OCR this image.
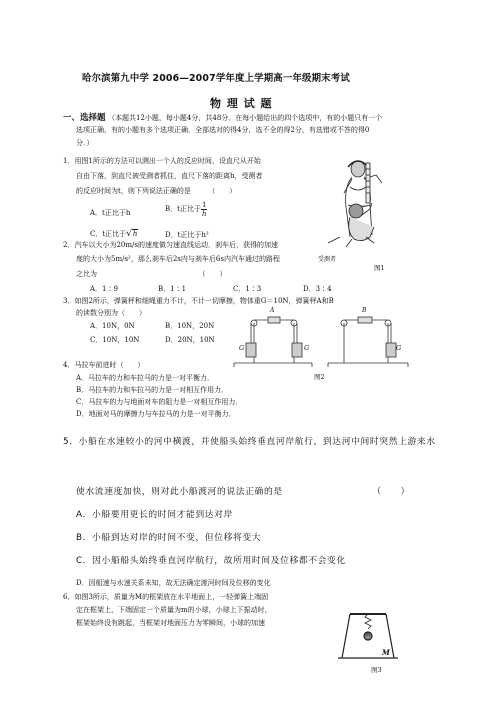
哈尔滨第九中学 2006—2007学年度上学期高一年级期末考试
物 理 试 题
一、选择题 （本题共12小题，每小题4分，共48分．在每小题给出的四个选项中，有的小题只有一个
选项正确，有的小题有多个选项正确．全部选对的得4分，选不全的得2分，有选错或不答的得0
分．）
1．用图1所示的方法可以测出一个人的反应时间，设直尺从开始
自由下落，到直尺被受测者抓住，直尺下落的距离h，受测者
的反应时间为t，则下列说法正确的是　　　（　　）
A．t正比于h	B．t正比于 $\frac{1}{h}$
C．t正比于√h	D．t正比于h²
受测者
图1
2．汽车以大小为20m/s的速度做匀速直线运动．刹车后，获得的加速
度的大小为5m/s²，那么刹车后2s内与刹车后6s内汽车通过的路程
之比为　　　　　　　　　　　　　　　（　　）
A．1∶9	B．1∶1	C．1∶3	D．3∶4
3．如图2所示，弹簧秤和细绳重力不计，不计一切摩擦，物体重G＝10N，弹簧秤A和B
的读数分别为（　　）
A．10N，0N	B．10N，20N
C．10N，10N	D．20N，10N
A	B
G	G	G
图2
4．马拉车前进时（　　）
A．马拉车的力和车拉马的力是一对平衡力．
B．马拉车的力和车拉马的力是一对相互作用力．
C．马拉车的力与地面对车的阻力是一对相互作用力．
D．地面对马的摩擦力与车拉马的力是一对平衡力．
5．小船在水速较小的河中横渡，并使船头始终垂直河岸航行，到达河中间时突然上游来水
使水流速度加快，则对此小船渡河的说法正确的是　　　　　　　　　　（　　）
A．小船要用更长的时间才能到达对岸
B．小船到达对岸的时间不变，但位移将变大
C．因小船船头始终垂直河岸航行，故所用时间及位移都不会变化
D．因船速与水速关系未知，故无法确定渡河时间及位移的变化
6．如图3所示，质量为M的框架放在水平地面上，一轻弹簧上端固
定在框架上，下端固定一个质量为m的小球，小球上下振动时，
框架始终没有跳起，当框架对地面压力为零瞬间，小球的加速
m
M
图3
